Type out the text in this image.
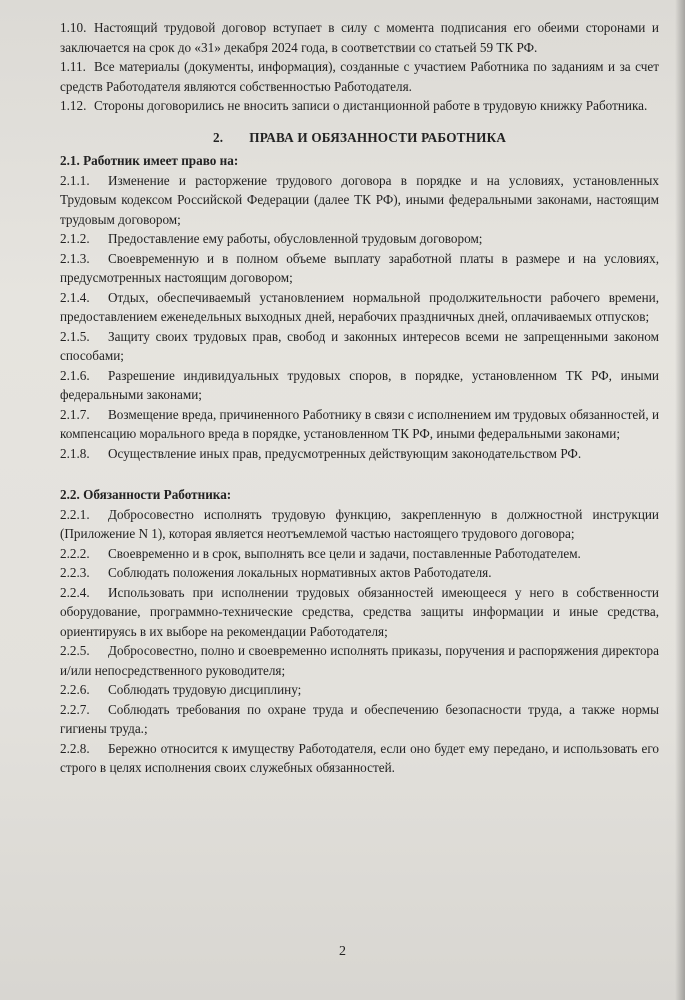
1.10. Настоящий трудовой договор вступает в силу с момента подписания его обеими сторонами и заключается на срок до «31» декабря 2024 года, в соответствии со статьей 59 ТК РФ.

1.11. Все материалы (документы, информация), созданные с участием Работника по заданиям и за счет средств Работодателя являются собственностью Работодателя.

1.12. Стороны договорились не вносить записи о дистанционной работе в трудовую книжку Работника.

2. ПРАВА И ОБЯЗАННОСТИ РАБОТНИКА

2.1. Работник имеет право на:

2.1.1. Изменение и расторжение трудового договора в порядке и на условиях, установленных Трудовым кодексом Российской Федерации (далее ТК РФ), иными федеральными законами, настоящим трудовым договором;

2.1.2. Предоставление ему работы, обусловленной трудовым договором;

2.1.3. Своевременную и в полном объеме выплату заработной платы в размере и на условиях, предусмотренных настоящим договором;

2.1.4. Отдых, обеспечиваемый установлением нормальной продолжительности рабочего времени, предоставлением еженедельных выходных дней, нерабочих праздничных дней, оплачиваемых отпусков;

2.1.5. Защиту своих трудовых прав, свобод и законных интересов всеми не запрещенными законом способами;

2.1.6. Разрешение индивидуальных трудовых споров, в порядке, установленном ТК РФ, иными федеральными законами;

2.1.7. Возмещение вреда, причиненного Работнику в связи с исполнением им трудовых обязанностей, и компенсацию морального вреда в порядке, установленном ТК РФ, иными федеральными законами;

2.1.8. Осуществление иных прав, предусмотренных действующим законодательством РФ.

2.2. Обязанности Работника:

2.2.1. Добросовестно исполнять трудовую функцию, закрепленную в должностной инструкции (Приложение N 1), которая является неотъемлемой частью настоящего трудового договора;

2.2.2. Своевременно и в срок, выполнять все цели и задачи, поставленные Работодателем.

2.2.3. Соблюдать положения локальных нормативных актов Работодателя.

2.2.4. Использовать при исполнении трудовых обязанностей имеющееся у него в собственности оборудование, программно-технические средства, средства защиты информации и иные средства, ориентируясь в их выборе на рекомендации Работодателя;

2.2.5. Добросовестно, полно и своевременно исполнять приказы, поручения и распоряжения директора и/или непосредственного руководителя;

2.2.6. Соблюдать трудовую дисциплину;

2.2.7. Соблюдать требования по охране труда и обеспечению безопасности труда, а также нормы гигиены труда.;

2.2.8. Бережно относится к имуществу Работодателя, если оно будет ему передано, и использовать его строго в целях исполнения своих служебных обязанностей.

2
